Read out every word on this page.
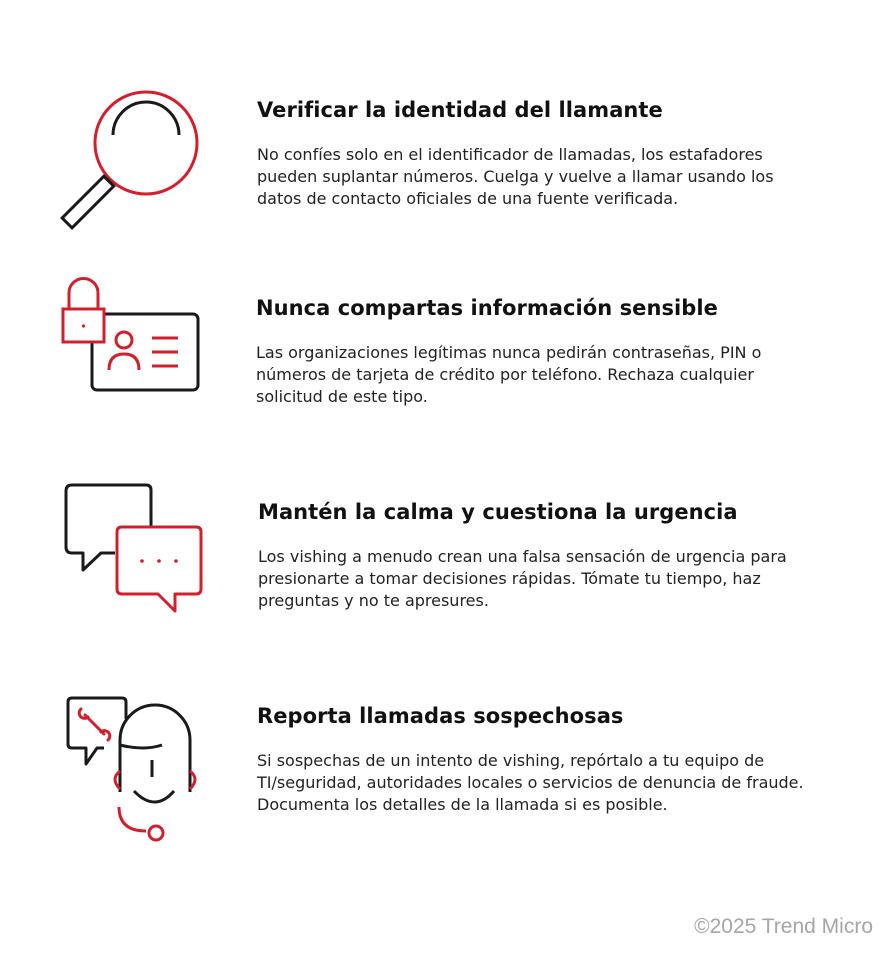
Verificar la identidad del llamante

No confíes solo en el identificador de llamadas, los estafadores pueden suplantar números. Cuelga y vuelve a llamar usando los datos de contacto oficiales de una fuente verificada.

Nunca compartas información sensible

Las organizaciones legítimas nunca pedirán contraseñas, PIN o números de tarjeta de crédito por teléfono. Rechaza cualquier solicitud de este tipo.

Mantén la calma y cuestiona la urgencia

Los vishing a menudo crean una falsa sensación de urgencia para presionarte a tomar decisiones rápidas. Tómate tu tiempo, haz preguntas y no te apresures.

Reporta llamadas sospechosas

Si sospechas de un intento de vishing, repórtalo a tu equipo de TI/seguridad, autoridades locales o servicios de denuncia de fraude. Documenta los detalles de la llamada si es posible.

©2025 Trend Micro
